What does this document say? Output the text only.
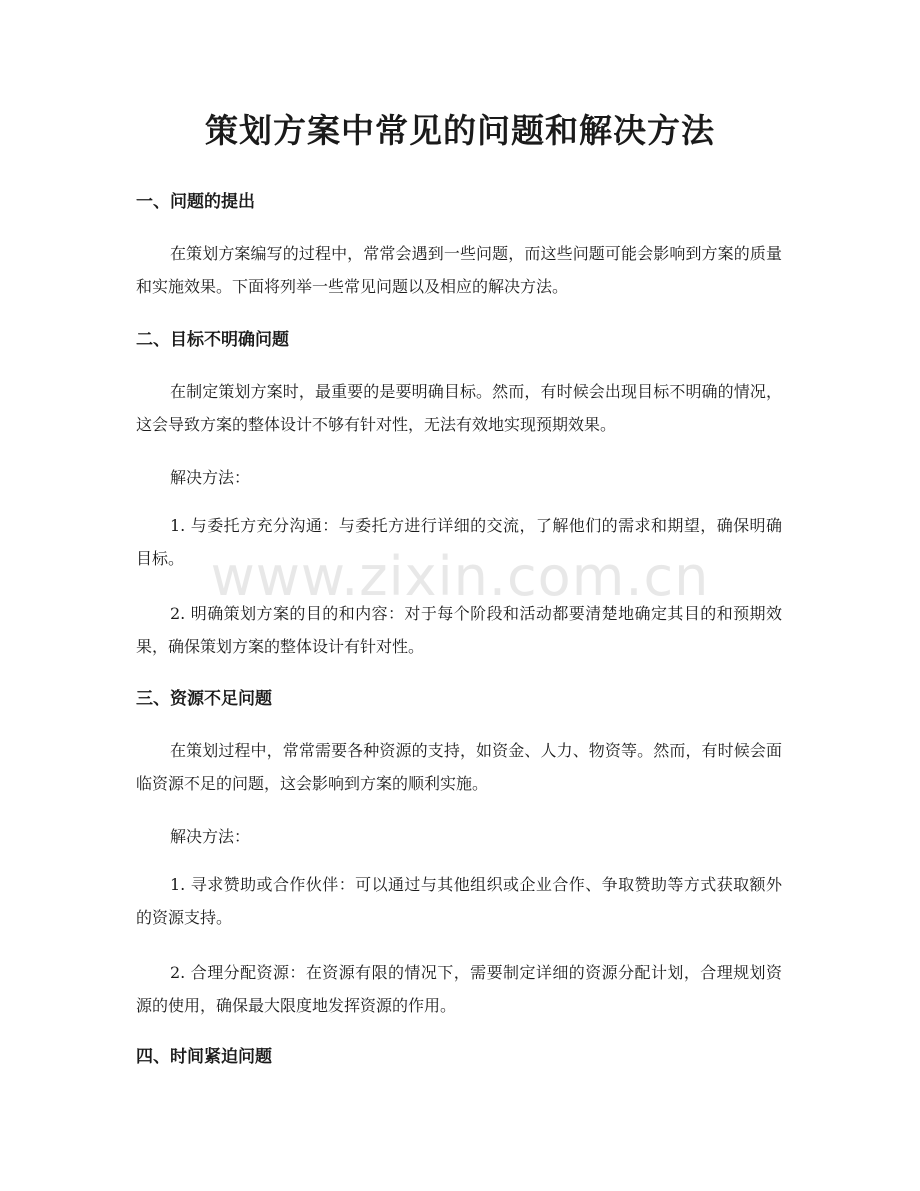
策划方案中常见的问题和解决方法
一、问题的提出

在策划方案编写的过程中，常常会遇到一些问题，而这些问题可能会影响到方案的质量和实施效果。下面将列举一些常见问题以及相应的解决方法。

二、目标不明确问题

在制定策划方案时，最重要的是要明确目标。然而，有时候会出现目标不明确的情况，这会导致方案的整体设计不够有针对性，无法有效地实现预期效果。

解决方法：

1. 与委托方充分沟通：与委托方进行详细的交流，了解他们的需求和期望，确保明确目标。

2. 明确策划方案的目的和内容：对于每个阶段和活动都要清楚地确定其目的和预期效果，确保策划方案的整体设计有针对性。

三、资源不足问题

在策划过程中，常常需要各种资源的支持，如资金、人力、物资等。然而，有时候会面临资源不足的问题，这会影响到方案的顺利实施。

解决方法：

1. 寻求赞助或合作伙伴：可以通过与其他组织或企业合作、争取赞助等方式获取额外的资源支持。

2. 合理分配资源：在资源有限的情况下，需要制定详细的资源分配计划，合理规划资源的使用，确保最大限度地发挥资源的作用。

四、时间紧迫问题
www.zixin.com.cn
